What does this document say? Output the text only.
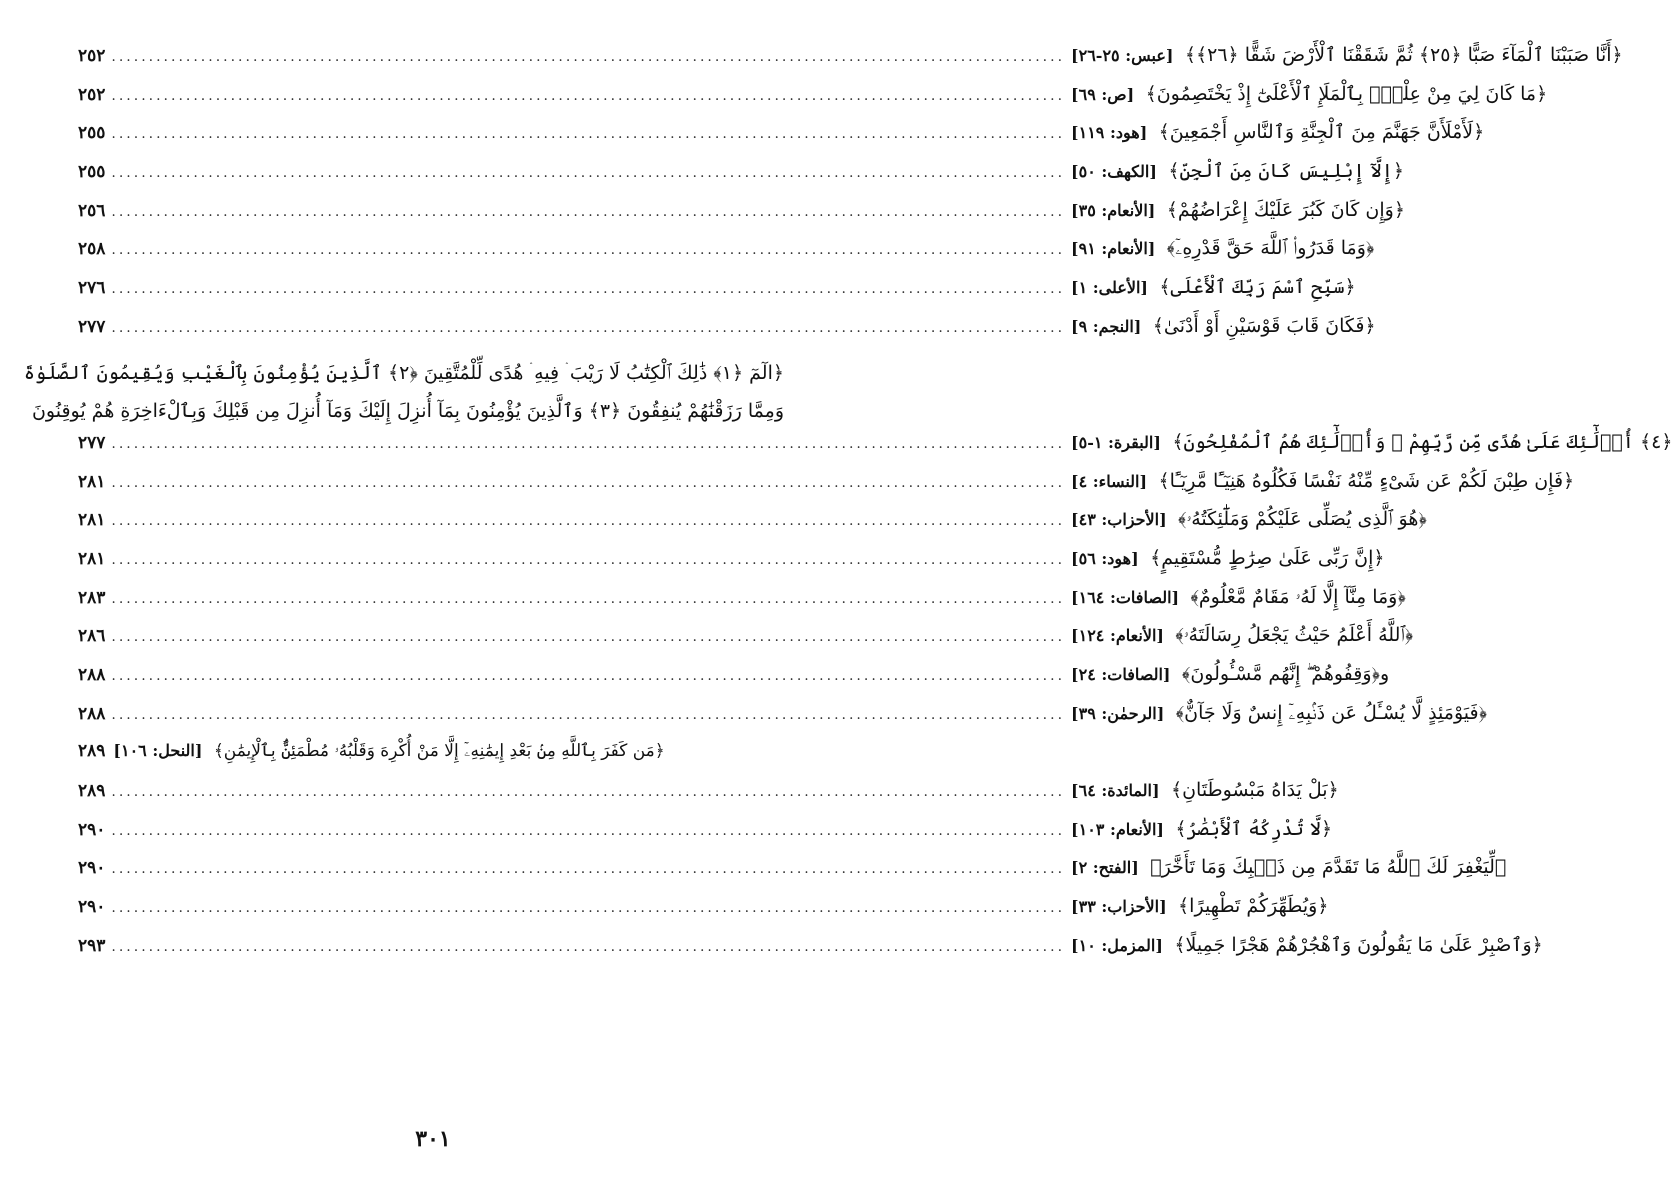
٢٥٢ .....	﴿أَنَّا صَبَبْنَا ٱلْمَآءَ صَبًّا ﴿٢٥﴾ ثُمَّ شَقَقْنَا ٱلْأَرْضَ شَقًّا ﴿٢٦﴾﴾ [عبس: ٢٥-٢٦]
٢٥٢ .....	﴿مَا كَانَ لِيَ مِنْ عِلْمٍۭ بِٱلْمَلَإِ ٱلْأَعْلَىٰٓ إِذْ يَخْتَصِمُونَ﴾ [ص: ٦٩]
٢٥٥ .....	﴿لَأَمْلَأَنَّ جَهَنَّمَ مِنَ ٱلْجِنَّةِ وَٱلنَّاسِ أَجْمَعِينَ﴾ [هود: ١١٩]
٢٥٥ .....	﴿إِلَّآ إِبْلِيسَ كَانَ مِنَ ٱلْجِنِّ﴾ [الكهف: ٥٠]
٢٥٦ .....	﴿وَإِن كَانَ كَبُرَ عَلَيْكَ إِعْرَاضُهُمْ﴾ [الأنعام: ٣٥]
٢٥٨ .....	﴿وَمَا قَدَرُوا۟ ٱللَّهَ حَقَّ قَدْرِهِۦٓ﴾ [الأنعام: ٩١]
٢٧٦ .....	﴿سَبِّحِ ٱسْمَ رَبِّكَ ٱلْأَعْلَى﴾ [الأعلى: ١]
٢٧٧ .....	﴿فَكَانَ قَابَ قَوْسَيْنِ أَوْ أَدْنَىٰ﴾ [النجم: ٩]
﴿الٓمٓ ﴿١﴾ ذَٰلِكَ ٱلْكِتَٰبُ لَا رَيْبَ ۛ فِيهِ ۛ هُدًى لِّلْمُتَّقِينَ ﴿٢﴾ ٱلَّذِينَ يُؤْمِنُونَ بِٱلْغَيْبِ وَيُقِيمُونَ ٱلصَّلَوٰةَ
وَمِمَّا رَزَقْنَٰهُمْ يُنفِقُونَ ﴿٣﴾ وَٱلَّذِينَ يُؤْمِنُونَ بِمَآ أُنزِلَ إِلَيْكَ وَمَآ أُنزِلَ مِن قَبْلِكَ وَبِٱلْءَاخِرَةِ هُمْ يُوقِنُونَ
٢٧٧ .....	﴿٤﴾ أُو۟لَٰٓئِكَ عَلَىٰ هُدًى مِّن رَّبِّهِمْ ۖ وَأُو۟لَٰٓئِكَ هُمُ ٱلْمُفْلِحُونَ﴾ [البقرة: ١-٥]
٢٨١ .....	﴿فَإِن طِبْنَ لَكُمْ عَن شَىْءٍ مِّنْهُ نَفْسًا فَكُلُوهُ هَنِيٓـًٔا مَّرِيٓـًٔا﴾ [النساء: ٤]
٢٨١ .....	﴿هُوَ ٱلَّذِى يُصَلِّى عَلَيْكُمْ وَمَلَٰٓئِكَتُهُۥ﴾ [الأحزاب: ٤٣]
٢٨١ .....	﴿إِنَّ رَبِّى عَلَىٰ صِرَٰطٍ مُّسْتَقِيمٍ﴾ [هود: ٥٦]
٢٨٣ .....	﴿وَمَا مِنَّآ إِلَّا لَهُۥ مَقَامٌ مَّعْلُومٌ﴾ [الصافات: ١٦٤]
٢٨٦ .....	﴿ٱللَّهُ أَعْلَمُ حَيْثُ يَجْعَلُ رِسَالَتَهُۥ﴾ [الأنعام: ١٢٤]
٢٨٨ .....	و﴿وَقِفُوهُمْ ۖ إِنَّهُم مَّسْـُٔولُونَ﴾ [الصافات: ٢٤]
٢٨٨ .....	﴿فَيَوْمَئِذٍ لَّا يُسْـَٔلُ عَن ذَنۢبِهِۦٓ إِنسٌ وَلَا جَآنٌّ﴾ [الرحمٰن: ٣٩]
٢٨٩	﴿مَن كَفَرَ بِٱللَّهِ مِنۢ بَعْدِ إِيمَٰنِهِۦٓ إِلَّا مَنْ أُكْرِهَ وَقَلْبُهُۥ مُطْمَئِنٌّۢ بِٱلْإِيمَٰنِ﴾ [النحل: ١٠٦]
٢٨٩ .....	﴿بَلْ يَدَاهُ مَبْسُوطَتَانِ﴾ [المائدة: ٦٤]
٢٩٠ .....	﴿لَّا تُدْرِكُهُ ٱلْأَبْصَٰرُ﴾ [الأنعام: ١٠٣]
٢٩٠ .....	﴿لِّيَغْفِرَ لَكَ ٱللَّهُ مَا تَقَدَّمَ مِن ذَنۢبِكَ وَمَا تَأَخَّرَ﴾ [الفتح: ٢]
٢٩٠ .....	﴿وَيُطَهِّرَكُمْ تَطْهِيرًا﴾ [الأحزاب: ٣٣]
٢٩٣ .....	﴿وَٱصْبِرْ عَلَىٰ مَا يَقُولُونَ وَٱهْجُرْهُمْ هَجْرًا جَمِيلًا﴾ [المزمل: ١٠]
٣٠١
